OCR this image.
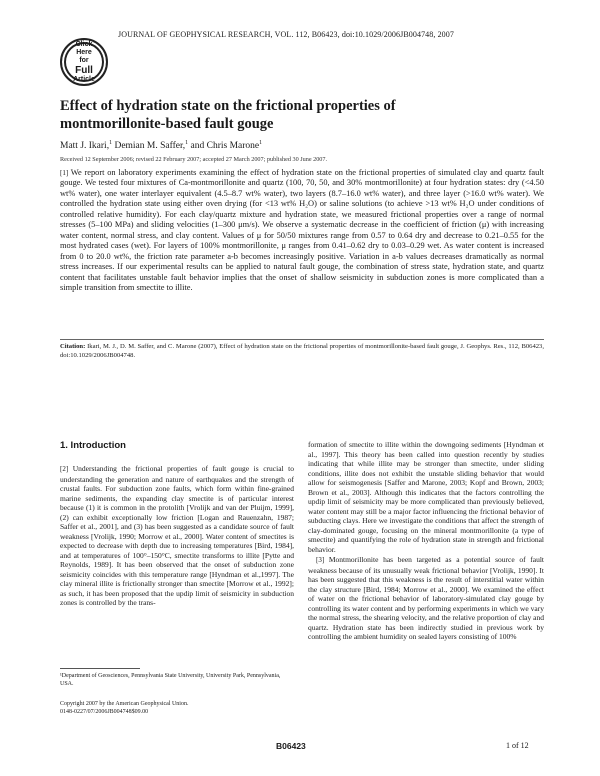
Click
Here
for
Full
Article
JOURNAL OF GEOPHYSICAL RESEARCH, VOL. 112, B06423, doi:10.1029/2006JB004748, 2007
Effect of hydration state on the frictional properties of montmorillonite-based fault gouge
Matt J. Ikari,$^1$ Demian M. Saffer,$^1$ and Chris Marone$^1$
Received 12 September 2006; revised 22 February 2007; accepted 27 March 2007; published 30 June 2007.
[1] We report on laboratory experiments examining the effect of hydration state on the frictional properties of simulated clay and quartz fault gouge. We tested four mixtures of Ca-montmorillonite and quartz (100, 70, 50, and 30% montmorillonite) at four hydration states: dry (<4.50 wt% water), one water interlayer equivalent (4.5–8.7 wt% water), two layers (8.7–16.0 wt% water), and three layer (>16.0 wt% water). We controlled the hydration state using either oven drying (for <13 wt% H₂O) or saline solutions (to achieve >13 wt% H₂O under conditions of controlled relative humidity). For each clay/quartz mixture and hydration state, we measured frictional properties over a range of normal stresses (5–100 MPa) and sliding velocities (1–300 μm/s). We observe a systematic decrease in the coefficient of friction (μ) with increasing water content, normal stress, and clay content. Values of μ for 50/50 mixtures range from 0.57 to 0.64 dry and decrease to 0.21–0.55 for the most hydrated cases (wet). For layers of 100% montmorillonite, μ ranges from 0.41–0.62 dry to 0.03–0.29 wet. As water content is increased from 0 to 20.0 wt%, the friction rate parameter a-b becomes increasingly positive. Variation in a-b values decreases dramatically as normal stress increases. If our experimental results can be applied to natural fault gouge, the combination of stress state, hydration state, and quartz content that facilitates unstable fault behavior implies that the onset of shallow seismicity in subduction zones is more complicated than a simple transition from smectite to illite.
Citation: Ikari, M. J., D. M. Saffer, and C. Marone (2007), Effect of hydration state on the frictional properties of montmorillonite-based fault gouge, J. Geophys. Res., 112, B06423, doi:10.1029/2006JB004748.
1. Introduction
[2] Understanding the frictional properties of fault gouge is crucial to understanding the generation and nature of earthquakes and the strength of crustal faults. For subduction zone faults, which form within fine-grained marine sediments, the expanding clay smectite is of particular interest because (1) it is common in the protolith [Vrolijk and van der Pluijm, 1999], (2) can exhibit exceptionally low friction [Logan and Rauenzahn, 1987; Saffer et al., 2001], and (3) has been suggested as a candidate source of fault weakness [Vrolijk, 1990; Morrow et al., 2000]. Water content of smectites is expected to decrease with depth due to increasing temperatures [Bird, 1984], and at temperatures of 100°–150°C, smectite transforms to illite [Pytte and Reynolds, 1989]. It has been observed that the onset of subduction zone seismicity coincides with this temperature range [Hyndman et al.,1997]. The clay mineral illite is frictionally stronger than smectite [Morrow et al., 1992]; as such, it has been proposed that the updip limit of seismicity in subduction zones is controlled by the trans-
formation of smectite to illite within the downgoing sediments [Hyndman et al., 1997]. This theory has been called into question recently by studies indicating that while illite may be stronger than smectite, under sliding conditions, illite does not exhibit the unstable sliding behavior that would allow for seismogenesis [Saffer and Marone, 2003; Kopf and Brown, 2003; Brown et al., 2003]. Although this indicates that the factors controlling the updip limit of seismicity may be more complicated than previously believed, water content may still be a major factor influencing the frictional behavior of subducting clays. Here we investigate the conditions that affect the strength of clay-dominated gouge, focusing on the mineral montmorillonite (a type of smectite) and quantifying the role of hydration state in strength and frictional behavior.
[3] Montmorillonite has been targeted as a potential source of fault weakness because of its unusually weak frictional behavior [Vrolijk, 1990]. It has been suggested that this weakness is the result of interstitial water within the clay structure [Bird, 1984; Morrow et al., 2000]. We examined the effect of water on the frictional behavior of laboratory-simulated clay gouge by controlling its water content and by performing experiments in which we vary the normal stress, the shearing velocity, and the relative proportion of clay and quartz. Hydration state has been indirectly studied in previous work by controlling the ambient humidity on sealed layers consisting of 100%
¹Department of Geosciences, Pennsylvania State University, University Park, Pennsylvania, USA.
Copyright 2007 by the American Geophysical Union.
0148-0227/07/2006JB004748$09.00
B06423	1 of 12
